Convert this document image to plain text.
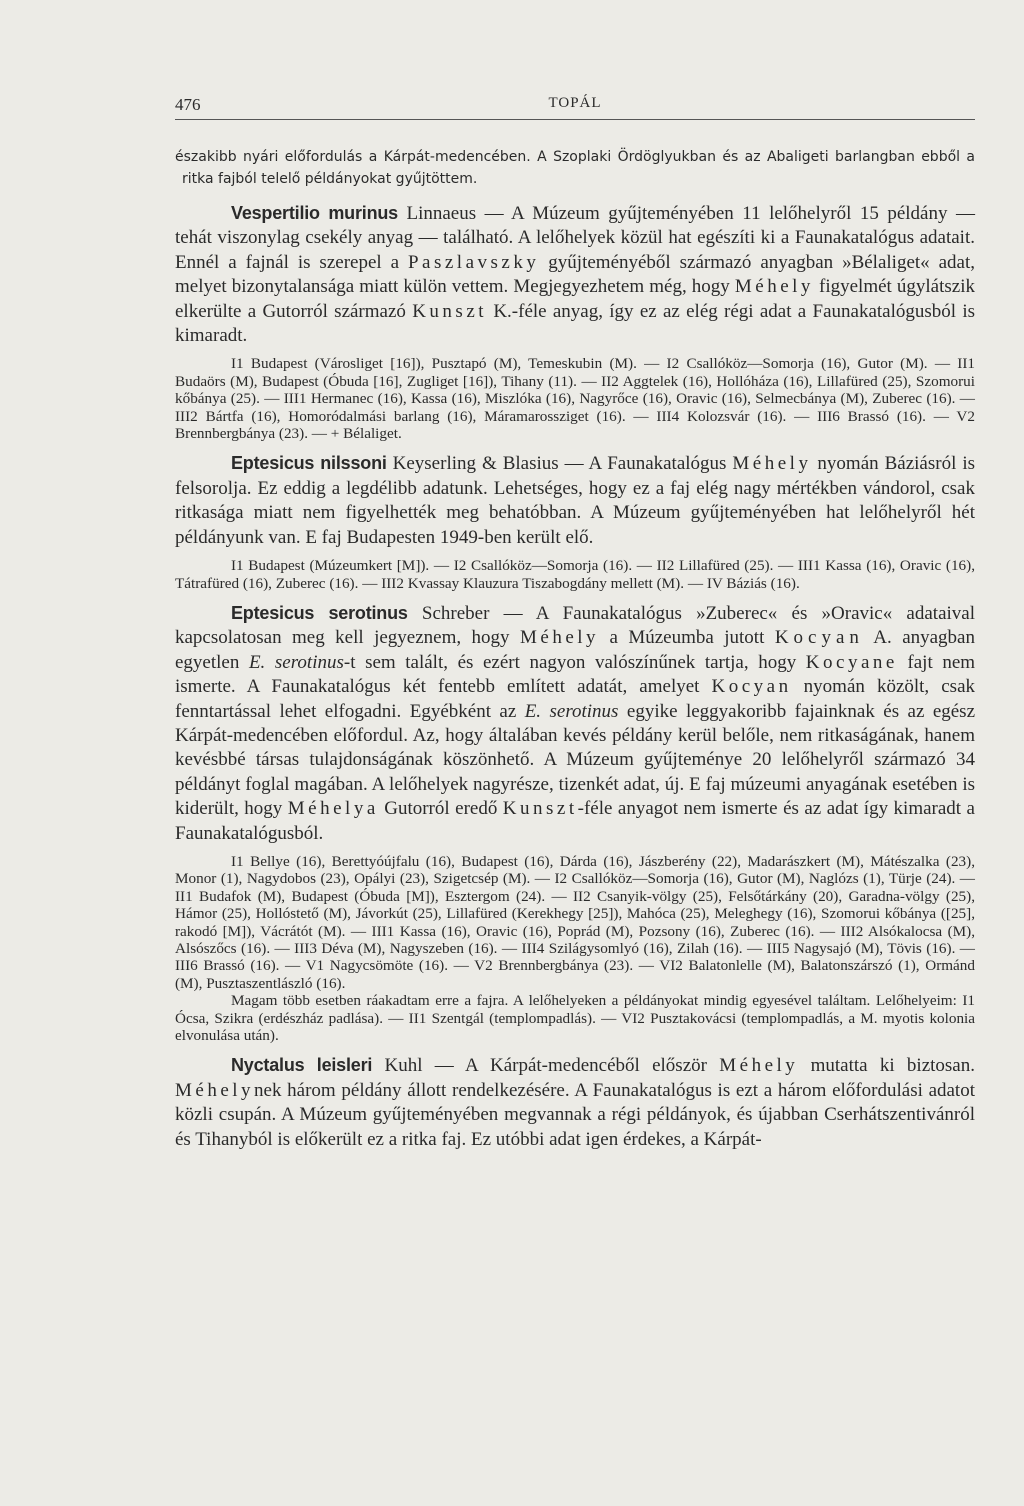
476	TOPÁL

északibb nyári előfordulás a Kárpát-medencében. A Szoplaki Ördöglyukban és az Abaligeti barlangban ebből a ritka fajból telelő példányokat gyűjtöttem.

Vespertilio murinus Linnaeus — A Múzeum gyűjteményében 11 lelőhelyről 15 példány — tehát viszonylag csekély anyag — található. A lelőhelyek közül hat egészíti ki a Faunakatalógus adatait. Ennél a fajnál is szerepel a Paszlavszky gyűjteményéből származó anyagban »Bélaliget« adat, melyet bizonytalansága miatt külön vettem. Megjegyezhetem még, hogy Méhely figyelmét úgylátszik elkerülte a Gutorról származó Kunszt K.-féle anyag, így ez az elég régi adat a Faunakatalógusból is kimaradt.

I1 Budapest (Városliget [16]), Pusztapó (M), Temeskubin (M). — I2 Csallóköz—Somorja (16), Gutor (M). — II1 Budaörs (M), Budapest (Óbuda [16], Zugliget [16]), Tihany (11). — II2 Aggtelek (16), Hollóháza (16), Lillafüred (25), Szomorui kőbánya (25). — III1 Hermanec (16), Kassa (16), Miszlóka (16), Nagyrőce (16), Oravic (16), Selmecbánya (M), Zuberec (16). — III2 Bártfa (16), Homoródalmási barlang (16), Máramarossziget (16). — III4 Kolozsvár (16). — III6 Brassó (16). — V2 Brennbergbánya (23). — + Bélaliget.

Eptesicus nilssoni Keyserling & Blasius — A Faunakatalógus Méhely nyomán Báziásról is felsorolja. Ez eddig a legdélibb adatunk. Lehetséges, hogy ez a faj elég nagy mértékben vándorol, csak ritkasága miatt nem figyelhették meg behatóbban. A Múzeum gyűjteményében hat lelőhelyről hét példányunk van. E faj Budapesten 1949-ben került elő.

I1 Budapest (Múzeumkert [M]). — I2 Csallóköz—Somorja (16). — II2 Lillafüred (25). — III1 Kassa (16), Oravic (16), Tátrafüred (16), Zuberec (16). — III2 Kvassay Klauzura Tiszabogdány mellett (M). — IV Báziás (16).

Eptesicus serotinus Schreber — A Faunakatalógus »Zuberec« és »Oravic« adataival kapcsolatosan meg kell jegyeznem, hogy Méhely a Múzeumba jutott Kocyan A. anyagban egyetlen E. serotinus-t sem talált, és ezért nagyon valószínűnek tartja, hogy Kocyane fajt nem ismerte. A Faunakatalógus két fentebb említett adatát, amelyet Kocyan nyomán közölt, csak fenntartással lehet elfogadni. Egyébként az E. serotinus egyike leggyakoribb fajainknak és az egész Kárpát-medencében előfordul. Az, hogy általában kevés példány kerül belőle, nem ritkaságának, hanem kevésbbé társas tulajdonságának köszönhető. A Múzeum gyűjteménye 20 lelőhelyről származó 34 példányt foglal magában. A lelőhelyek nagyrésze, tizenkét adat, új. E faj múzeumi anyagának esetében is kiderült, hogy Méhelya Gutorról eredő Kunszt-féle anyagot nem ismerte és az adat így kimaradt a Faunakatalógusból.

I1 Bellye (16), Berettyóújfalu (16), Budapest (16), Dárda (16), Jászberény (22), Madarászkert (M), Mátészalka (23), Monor (1), Nagydobos (23), Opályi (23), Szigetcsép (M). — I2 Csallóköz—Somorja (16), Gutor (M), Naglózs (1), Türje (24). — II1 Budafok (M), Budapest (Óbuda [M]), Esztergom (24). — II2 Csanyik-völgy (25), Felsőtárkány (20), Garadna-völgy (25), Hámor (25), Hollóstető (M), Jávorkút (25), Lillafüred (Kerekhegy [25]), Mahóca (25), Meleghegy (16), Szomorui kőbánya ([25], rakodó [M]), Vácrátót (M). — III1 Kassa (16), Oravic (16), Poprád (M), Pozsony (16), Zuberec (16). — III2 Alsókalocsa (M), Alsószőcs (16). — III3 Déva (M), Nagyszeben (16). — III4 Szilágysomlyó (16), Zilah (16). — III5 Nagysajó (M), Tövis (16). — III6 Brassó (16). — V1 Nagycsömöte (16). — V2 Brennbergbánya (23). — VI2 Balatonlelle (M), Balatonszárszó (1), Ormánd (M), Pusztaszentlászló (16).

Magam több esetben ráakadtam erre a fajra. A lelőhelyeken a példányokat mindig egyesével találtam. Lelőhelyeim: I1 Ócsa, Szikra (erdészház padlása). — II1 Szentgál (templompadlás). — VI2 Pusztakovácsi (templompadlás, a M. myotis kolonia elvonulása után).

Nyctalus leisleri Kuhl — A Kárpát-medencéből először Méhely mutatta ki biztosan. Méhelynek három példány állott rendelkezésére. A Faunakatalógus is ezt a három előfordulási adatot közli csupán. A Múzeum gyűjteményében megvannak a régi példányok, és újabban Cserhátszentivánról és Tihanyból is előkerült ez a ritka faj. Ez utóbbi adat igen érdekes, a Kárpát-
